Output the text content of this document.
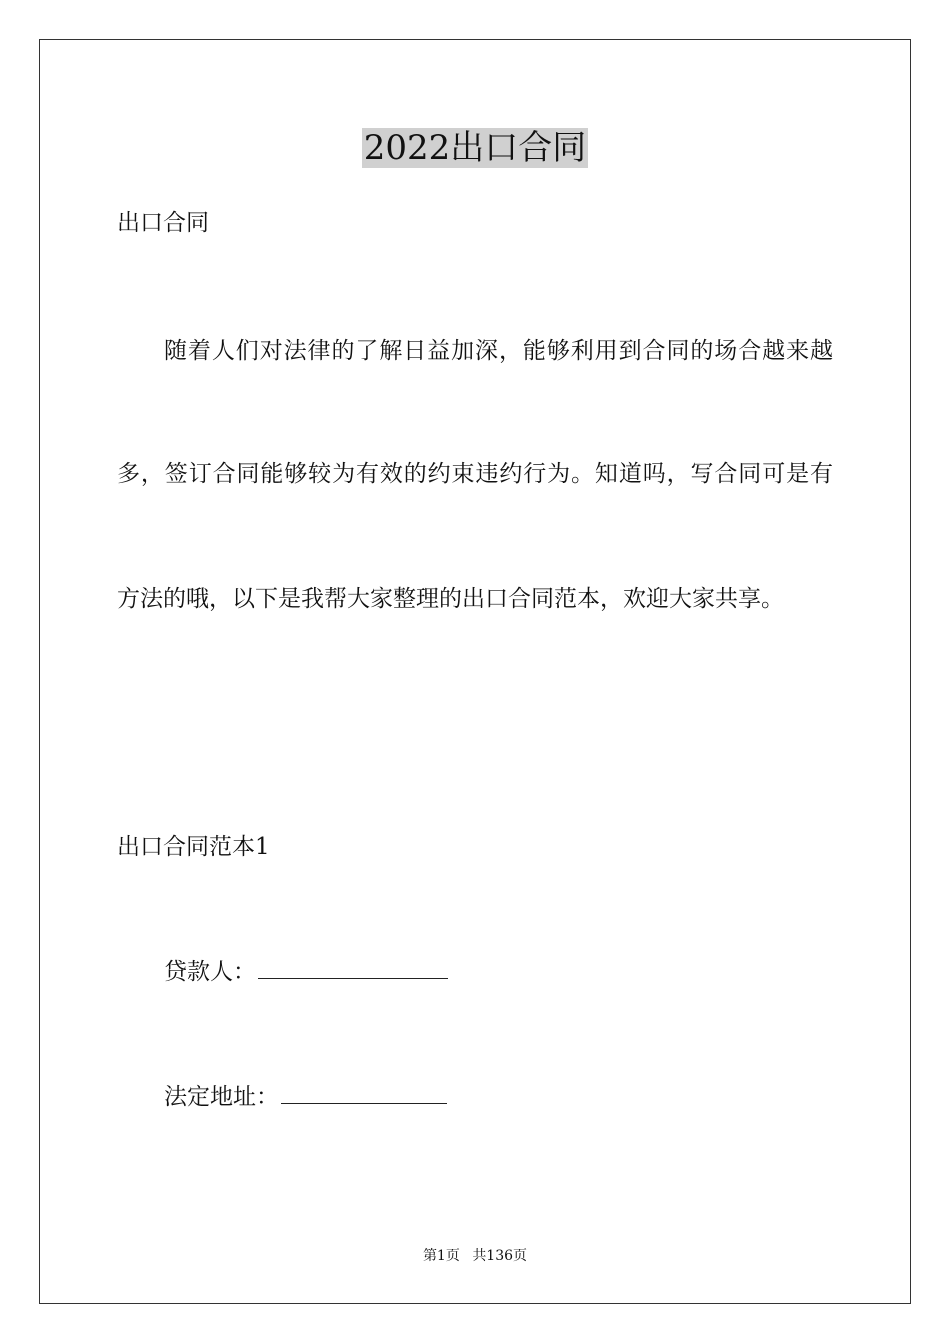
2022出口合同
出口合同
随着人们对法律的了解日益加深，能够利用到合同的场合越来越
多，签订合同能够较为有效的约束违约行为。知道吗，写合同可是有
方法的哦，以下是我帮大家整理的出口合同范本，欢迎大家共享。
出口合同范本1
贷款人：
法定地址：
第1页 共136页
